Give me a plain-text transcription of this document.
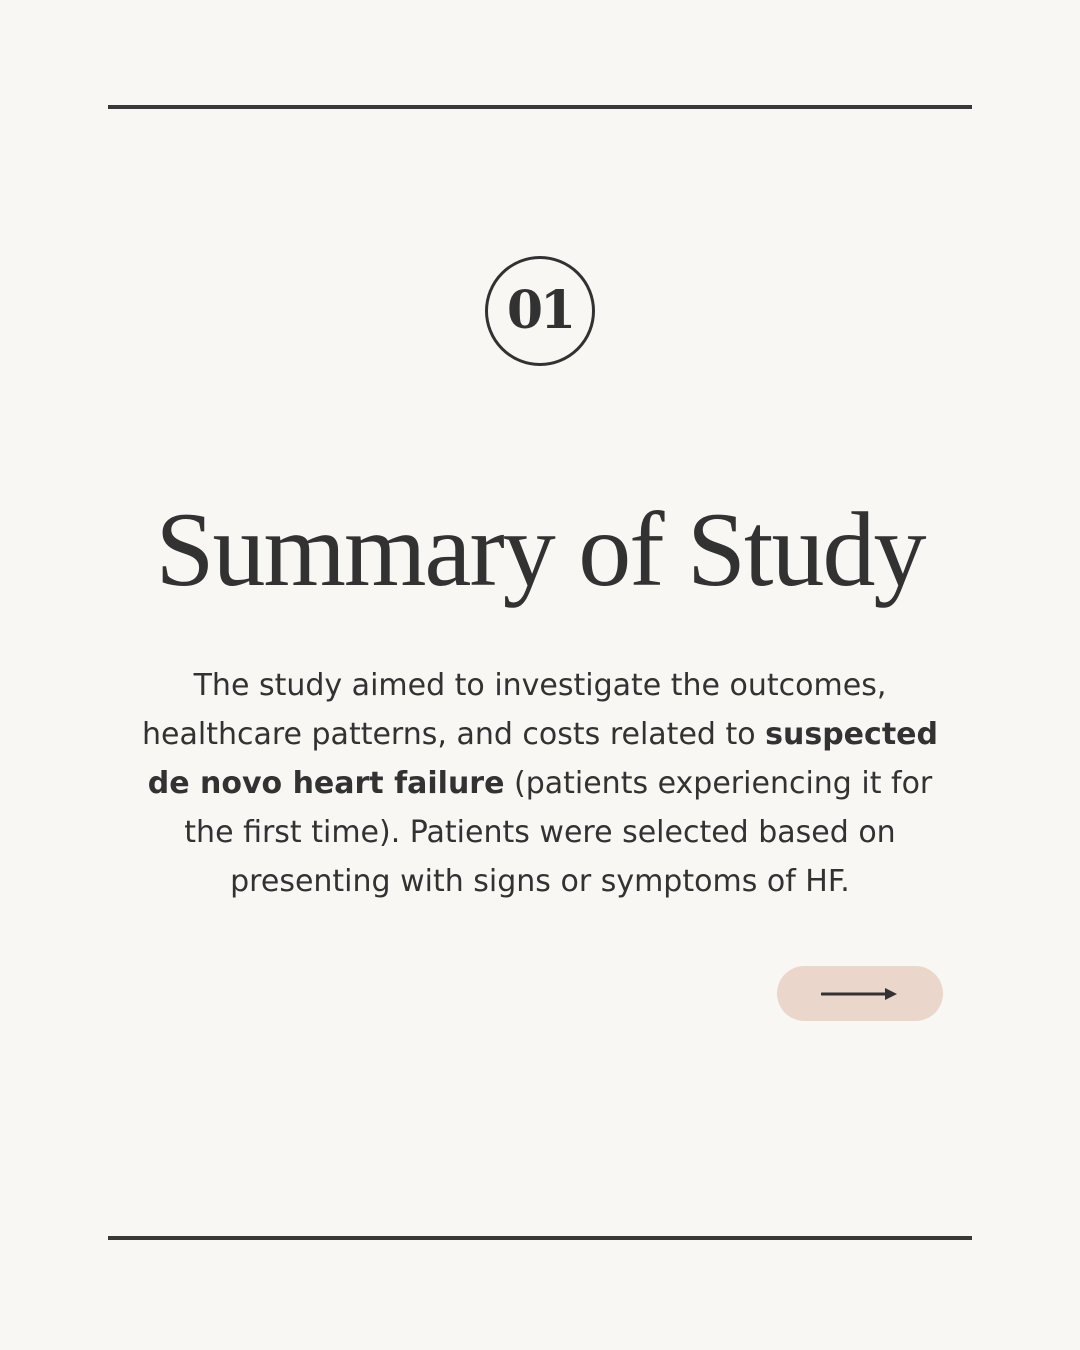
01
Summary of Study

The study aimed to investigate the outcomes, healthcare patterns, and costs related to suspected de novo heart failure (patients experiencing it for the first time). Patients were selected based on presenting with signs or symptoms of HF.
